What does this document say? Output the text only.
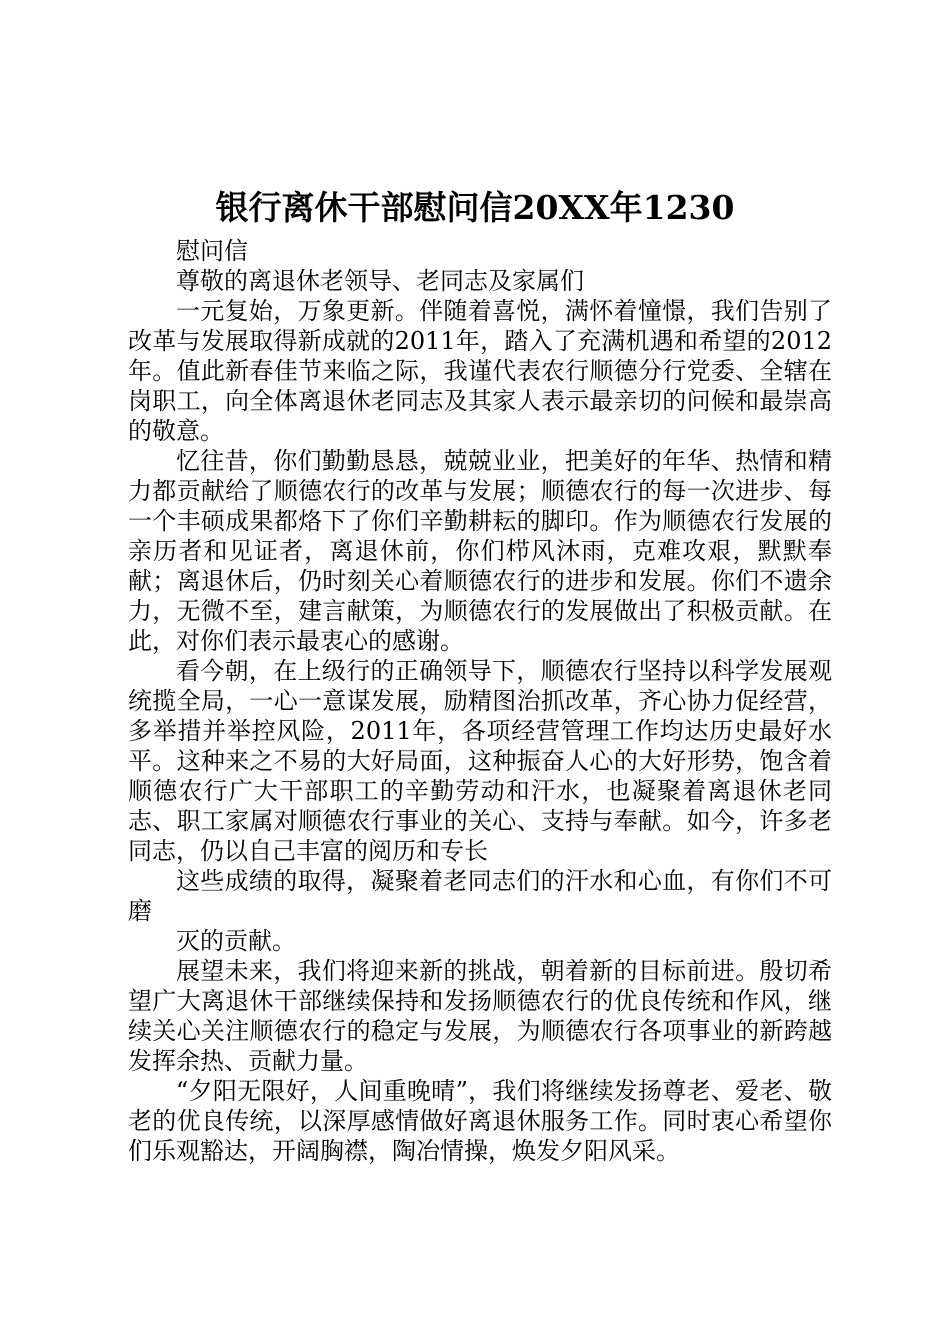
银行离休干部慰问信20XX年1230

慰问信

尊敬的离退休老领导、老同志及家属们

一元复始，万象更新。伴随着喜悦，满怀着憧憬，我们告别了改革与发展取得新成就的2011年，踏入了充满机遇和希望的2012年。值此新春佳节来临之际，我谨代表农行顺德分行党委、全辖在岗职工，向全体离退休老同志及其家人表示最亲切的问候和最崇高的敬意。

忆往昔，你们勤勤恳恳，兢兢业业，把美好的年华、热情和精力都贡献给了顺德农行的改革与发展；顺德农行的每一次进步、每一个丰硕成果都烙下了你们辛勤耕耘的脚印。作为顺德农行发展的亲历者和见证者，离退休前，你们栉风沐雨，克难攻艰，默默奉献；离退休后，仍时刻关心着顺德农行的进步和发展。你们不遗余力，无微不至，建言献策，为顺德农行的发展做出了积极贡献。在此，对你们表示最衷心的感谢。

看今朝，在上级行的正确领导下，顺德农行坚持以科学发展观统揽全局，一心一意谋发展，励精图治抓改革，齐心协力促经营，多举措并举控风险，2011年，各项经营管理工作均达历史最好水平。这种来之不易的大好局面，这种振奋人心的大好形势，饱含着顺德农行广大干部职工的辛勤劳动和汗水，也凝聚着离退休老同志、职工家属对顺德农行事业的关心、支持与奉献。如今，许多老同志，仍以自己丰富的阅历和专长

这些成绩的取得，凝聚着老同志们的汗水和心血，有你们不可磨

灭的贡献。

展望未来，我们将迎来新的挑战，朝着新的目标前进。殷切希望广大离退休干部继续保持和发扬顺德农行的优良传统和作风，继续关心关注顺德农行的稳定与发展，为顺德农行各项事业的新跨越发挥余热、贡献力量。

“夕阳无限好，人间重晚晴”，我们将继续发扬尊老、爱老、敬老的优良传统，以深厚感情做好离退休服务工作。同时衷心希望你们乐观豁达，开阔胸襟，陶冶情操，焕发夕阳风采。
